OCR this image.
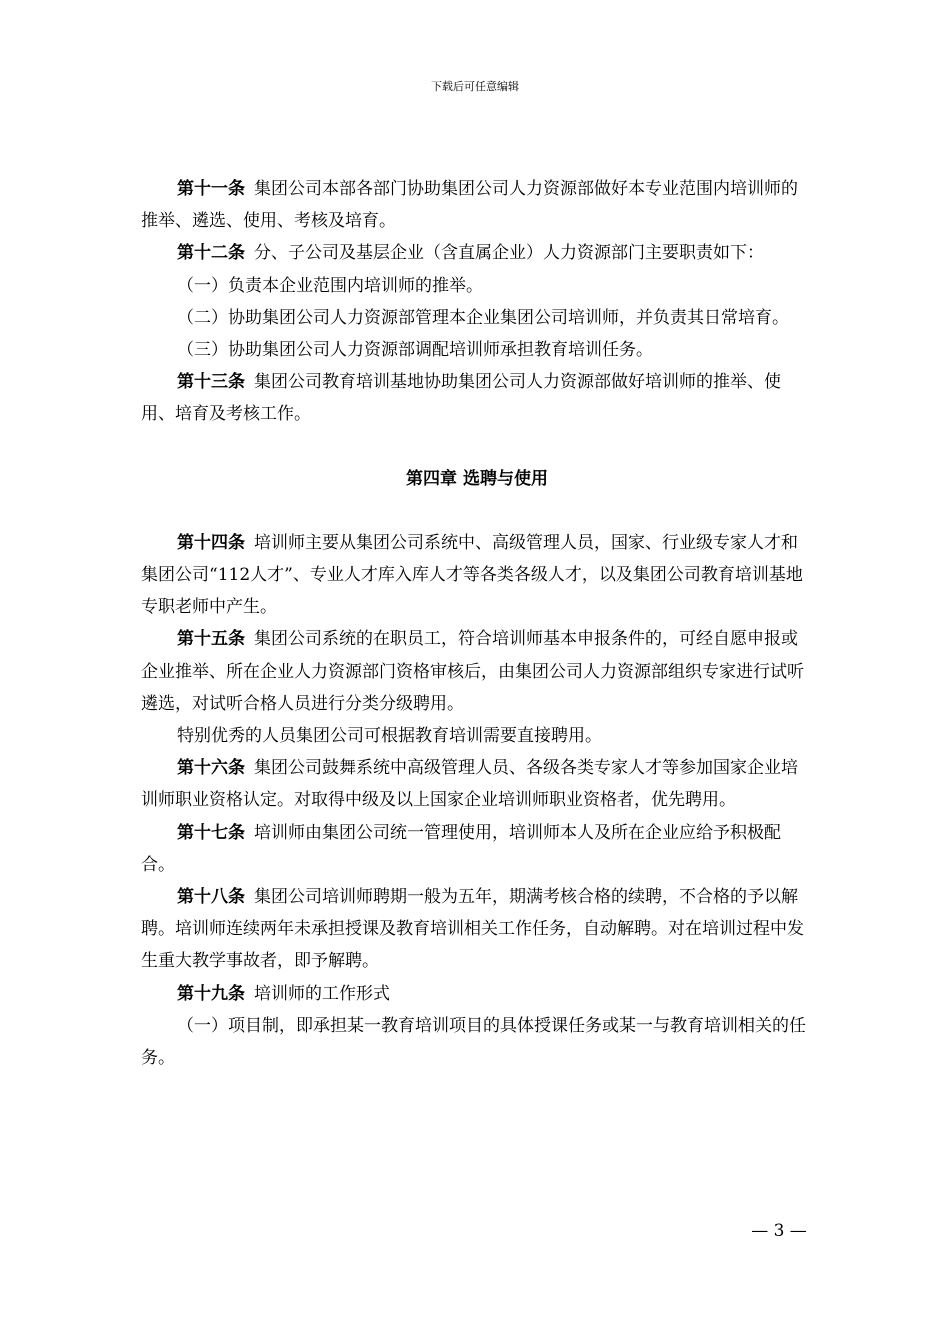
下载后可任意编辑

第十一条 集团公司本部各部门协助集团公司人力资源部做好本专业范围内培训师的推举、遴选、使用、考核及培育。

第十二条 分、子公司及基层企业（含直属企业）人力资源部门主要职责如下：

（一）负责本企业范围内培训师的推举。

（二）协助集团公司人力资源部管理本企业集团公司培训师，并负责其日常培育。

（三）协助集团公司人力资源部调配培训师承担教育培训任务。

第十三条 集团公司教育培训基地协助集团公司人力资源部做好培训师的推举、使用、培育及考核工作。

第四章 选聘与使用

第十四条 培训师主要从集团公司系统中、高级管理人员，国家、行业级专家人才和集团公司“112人才”、专业人才库入库人才等各类各级人才，以及集团公司教育培训基地专职老师中产生。

第十五条 集团公司系统的在职员工，符合培训师基本申报条件的，可经自愿申报或企业推举、所在企业人力资源部门资格审核后，由集团公司人力资源部组织专家进行试听遴选，对试听合格人员进行分类分级聘用。

特别优秀的人员集团公司可根据教育培训需要直接聘用。

第十六条 集团公司鼓舞系统中高级管理人员、各级各类专家人才等参加国家企业培训师职业资格认定。对取得中级及以上国家企业培训师职业资格者，优先聘用。

第十七条 培训师由集团公司统一管理使用，培训师本人及所在企业应给予积极配合。

第十八条 集团公司培训师聘期一般为五年，期满考核合格的续聘，不合格的予以解聘。培训师连续两年未承担授课及教育培训相关工作任务，自动解聘。对在培训过程中发生重大教学事故者，即予解聘。

第十九条 培训师的工作形式

（一）项目制，即承担某一教育培训项目的具体授课任务或某一与教育培训相关的任务。

— 3 —
